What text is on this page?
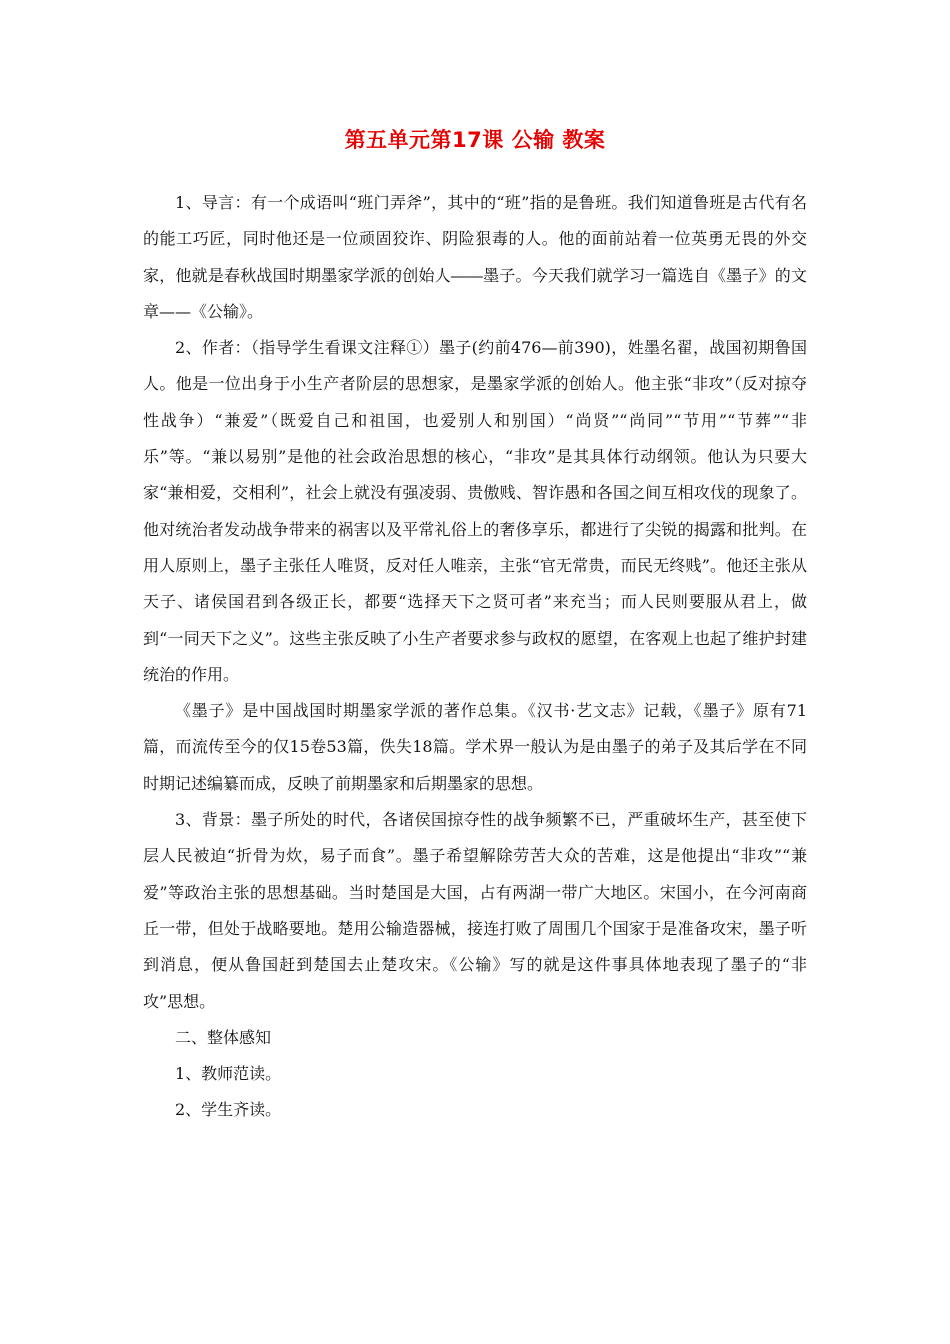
第五单元第17课 公输 教案

1、导言：有一个成语叫“班门弄斧”，其中的“班”指的是鲁班。我们知道鲁班是古代有名的能工巧匠，同时他还是一位顽固狡诈、阴险狠毒的人。他的面前站着一位英勇无畏的外交家，他就是春秋战国时期墨家学派的创始人――墨子。今天我们就学习一篇选自《墨子》的文章——《公输》。

2、作者：（指导学生看课文注释①）墨子(约前476—前390)，姓墨名翟，战国初期鲁国人。他是一位出身于小生产者阶层的思想家，是墨家学派的创始人。他主张“非攻”（反对掠夺性战争）“兼爱”（既爱自己和祖国，也爱别人和别国）“尚贤”“尚同”“节用”“节葬”“非乐”等。“兼以易别”是他的社会政治思想的核心，“非攻”是其具体行动纲领。他认为只要大家“兼相爱，交相利”，社会上就没有强凌弱、贵傲贱、智诈愚和各国之间互相攻伐的现象了。他对统治者发动战争带来的祸害以及平常礼俗上的奢侈享乐，都进行了尖锐的揭露和批判。在用人原则上，墨子主张任人唯贤，反对任人唯亲，主张“官无常贵，而民无终贱”。他还主张从天子、诸侯国君到各级正长，都要“选择天下之贤可者”来充当；而人民则要服从君上，做到“一同天下之义”。这些主张反映了小生产者要求参与政权的愿望，在客观上也起了维护封建统治的作用。

《墨子》是中国战国时期墨家学派的著作总集。《汉书·艺文志》记载，《墨子》原有71篇，而流传至今的仅15卷53篇，佚失18篇。学术界一般认为是由墨子的弟子及其后学在不同时期记述编纂而成，反映了前期墨家和后期墨家的思想。

3、背景：墨子所处的时代，各诸侯国掠夺性的战争频繁不已，严重破坏生产，甚至使下层人民被迫“折骨为炊，易子而食”。墨子希望解除劳苦大众的苦难，这是他提出“非攻”“兼爱”等政治主张的思想基础。当时楚国是大国，占有两湖一带广大地区。宋国小，在今河南商丘一带，但处于战略要地。楚用公输造器械，接连打败了周围几个国家于是准备攻宋，墨子听到消息，便从鲁国赶到楚国去止楚攻宋。《公输》写的就是这件事具体地表现了墨子的“非攻”思想。

二、整体感知

1、教师范读。

2、学生齐读。
